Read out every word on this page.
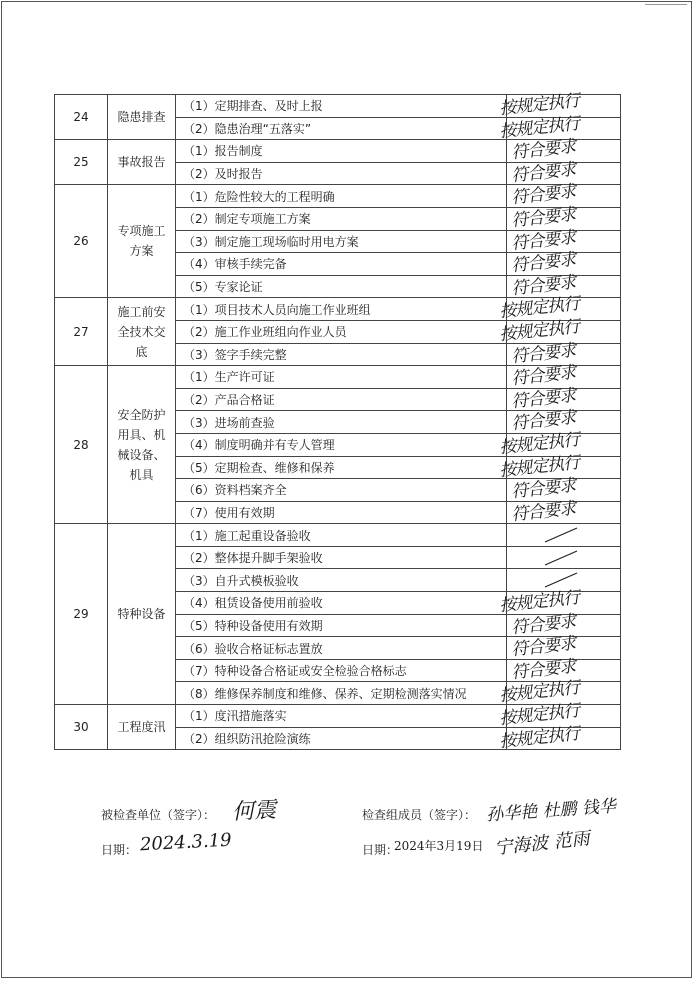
24	隐患排查	（1）定期排查、及时上报	按规定执行

		（2）隐患治理“五落实”	按规定执行

25	事故报告	（1）报告制度	符合要求

		（2）及时报告	符合要求

26	专项施工方案	（1）危险性较大的工程明确	符合要求

		（2）制定专项施工方案	符合要求

		（3）制定施工现场临时用电方案	符合要求

		（4）审核手续完备	符合要求

		（5）专家论证	符合要求

27	施工前安全技术交底	（1）项目技术人员向施工作业班组	按规定执行

		（2）施工作业班组向作业人员	按规定执行

		（3）签字手续完整	符合要求

28	安全防护用具、机械设备、机具	（1）生产许可证	符合要求

		（2）产品合格证	符合要求

		（3）进场前查验	符合要求

		（4）制度明确并有专人管理	按规定执行

		（5）定期检查、维修和保养	按规定执行

		（6）资料档案齐全	符合要求

		（7）使用有效期	符合要求

29	特种设备	（1）施工起重设备验收	

		（2）整体提升脚手架验收	

		（3）自升式模板验收	

		（4）租赁设备使用前验收	按规定执行

		（5）特种设备使用有效期	符合要求

		（6）验收合格证标志置放	符合要求

		（7）特种设备合格证或安全检验合格标志	符合要求

		（8）维修保养制度和维修、保养、定期检测落实情况	按规定执行

30	工程度汛	（1）度汛措施落实	按规定执行

		（2）组织防汛抢险演练	按规定执行
被检查单位（签字）： 何震	检查组成员（签字）： 孙华艳 杜鹏 钱华
日期： 2024.3.19	日期：
2024年3月19日 宁海波 范雨
